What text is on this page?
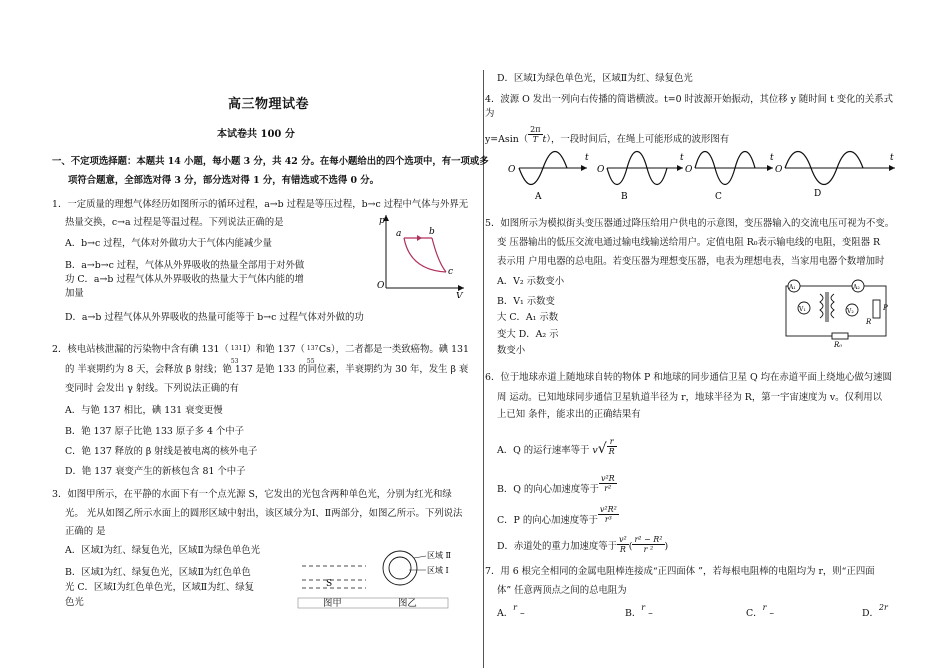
高三物理试卷
本试卷共 100 分
一、不定项选择题：本题共 14 小题，每小题 3 分，共 42 分。在每小题给出的四个选项中，有一项或多
项符合题意，全部选对得 3 分，部分选对得 1 分，有错选或不选得 0 分。
1．一定质量的理想气体经历如图所示的循环过程，a→b 过程是等压过程，b→c 过程中气体与外界无
热量交换，c→a 过程是等温过程。下列说法正确的是
A．b→c 过程，气体对外做功大于气体内能减少量
B．a→b→c 过程，气体从外界吸收的热量全部用于对外做
功 C．a→b 过程气体从外界吸收的热量大于气体内能的增
加量
D．a→b 过程气体从外界吸收的热量可能等于 b→c 过程气体对外做的功
p
V
O
a	b
c
2．核电站核泄漏的污染物中含有碘 131（ 131
53
I）和铯 137（ 137
55
Cs），二者都是一类致癌物。碘 131
的 半衰期约为 8 天，会释放 β 射线；铯 137 是铯 133 的同位素，半衰期约为 30 年，发生 β 衰
变同时 会发出 γ 射线。下列说法正确的有
A．与铯 137 相比，碘 131 衰变更慢
B．铯 137 原子比铯 133 原子多 4 个中子
C．铯 137 释放的 β 射线是被电离的核外电子
D．铯 137 衰变产生的新核包含 81 个中子
3．如图甲所示，在平静的水面下有一个点光源 S，它发出的光包含两种单色光，分别为红光和绿
光。 光从如图乙所示水面上的圆形区域中射出，该区域分为Ⅰ、Ⅱ两部分，如图乙所示。下列说法
正确的 是
A．区域Ⅰ为红、绿复色光，区域Ⅱ为绿色单色光
B．区域Ⅰ为红、绿复色光，区域Ⅱ为红色单色
光 C．区域Ⅰ为红色单色光，区域Ⅱ为红、绿复
色光
S
区域 Ⅱ
区域 Ⅰ
图甲	图乙
D．区域Ⅰ为绿色单色光，区域Ⅱ为红、绿复色光
4．波源 O 发出一列向右传播的简谐横波。t=0 时波源开始振动，其位移 y 随时间 t 变化的关系式
为
$y=Asin( \frac{2\pi}{T} t)$，一段时间后，在绳上可能形成的波形图有
O
t
A
O
t
B
O
t
C
O
t
D
5．如图所示为模拟街头变压器通过降压给用户供电的示意图，变压器输入的交流电压可视为不变。
变 压器输出的低压交流电通过输电线输送给用户。定值电阻 R₀表示输电线的电阻，变阻器 R
表示用 户用电器的总电阻。若变压器为理想变压器，电表为理想电表，当家用电器个数增加时
A．V₂ 示数变小
B．V₁ 示数变
大 C．A₁ 示数
变大 D．A₂ 示
数变小
A₁
V₁
A₂
V₂
R
P
R₀
6．位于地球赤道上随地球自转的物体 P 和地球的同步通信卫星 Q 均在赤道平面上绕地心做匀速圆
周 运动。已知地球同步通信卫星轨道半径为 r，地球半径为 R，第一宇宙速度为 v。仅利用以
上已知 条件，能求出的正确结果有
A．Q 的运行速率等于 $v√ \frac{r}{R}$
B．Q 的向心加速度等于 $\frac{\text{v²R}}{\text{r²}}$
C．P 的向心加速度等于 $\frac{\text{v²R²}}{\text{r³}}$
D．赤道处的重力加速度等于 $\frac{\text{v²}}{R}$ ( $\frac{\text{r² − R²}}{\text{r ²}}$ )
7．用 6 根完全相同的金属电阻棒连接成“正四面体 ”，若每根电阻棒的电阻均为 r，则“正四面
体” 任意两顶点之间的总电阻为
A．r –	B．r –	C．r –	D．2r
